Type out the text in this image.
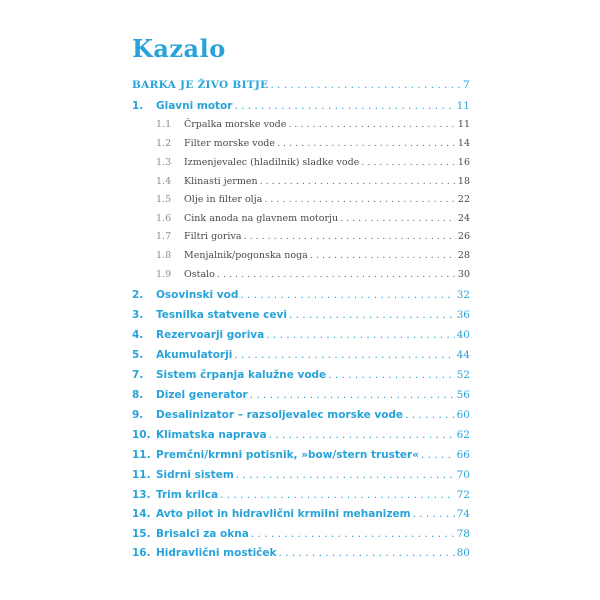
Kazalo
BARKA JE ŽIVO BITJE . . .	7
1.	Glavni motor . . .	11
1.1	Črpalka morske vode . . .	11
1.2	Filter morske vode . . .	14
1.3	Izmenjevalec (hladilnik) sladke vode . . .	16
1.4	Klinasti jermen . . .	18
1.5	Olje in filter olja . . .	22
1.6	Cink anoda na glavnem motorju . . .	24
1.7	Filtri goriva . . .	26
1.8	Menjalnik/pogonska noga . . .	28
1.9	Ostalo . . .	30
2.	Osovinski vod . . .	32
3.	Tesnilka statvene cevi . . .	36
4.	Rezervoarji goriva . . .	40
5.	Akumulatorji . . .	44
7.	Sistem črpanja kalužne vode . . .	52
8.	Dizel generator . . .	56
9.	Desalinizator – razsoljevalec morske vode . . .	60
10. Klimatska naprava . . .	62
11. Premčni/krmni potisnik, »bow/stern truster« . . .	66
11. Sidrni sistem . . .	70
13. Trim krilca . . .	72
14. Avto pilot in hidravlični krmilni mehanizem . . .	74
15. Brisalci za okna . . .	78
16. Hidravlični mostiček . . .	80
